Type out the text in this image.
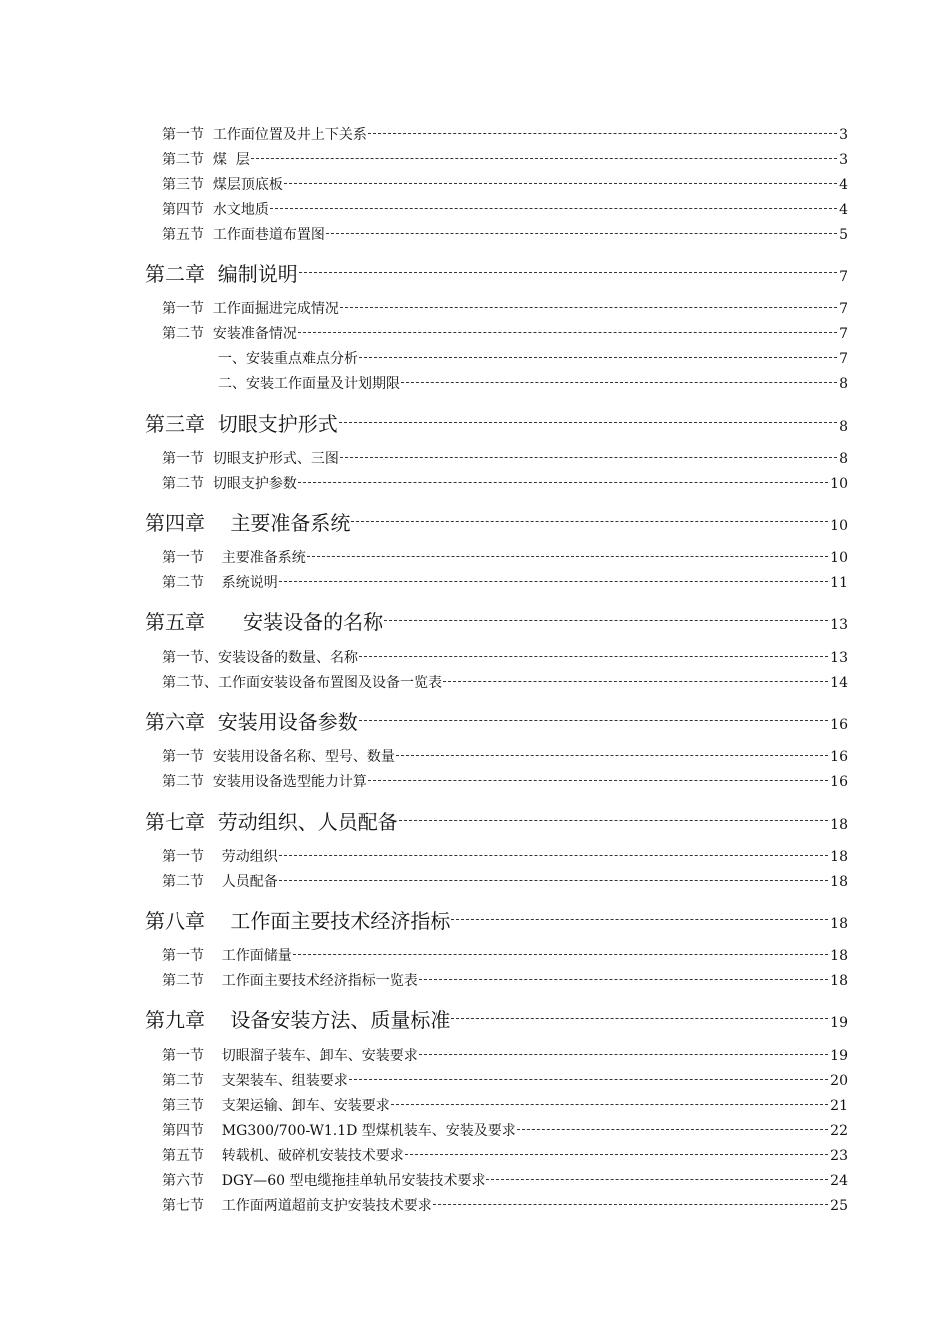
第一节  工作面位置及井上下关系	3
第二节  煤  层	3
第三节  煤层顶底板	4
第四节  水文地质	4
第五节  工作面巷道布置图	5
第二章  编制说明	7
第一节  工作面掘进完成情况	7
第二节  安装准备情况	7
一、安装重点难点分析	7
二、安装工作面量及计划期限	8
第三章  切眼支护形式	8
第一节  切眼支护形式、三图	8
第二节  切眼支护参数	10
第四章    主要准备系统	10
第一节    主要准备系统	10
第二节    系统说明	11
第五章      安装设备的名称	13
第一节、安装设备的数量、名称	13
第二节、工作面安装设备布置图及设备一览表	14
第六章  安装用设备参数	16
第一节  安装用设备名称、型号、数量	16
第二节  安装用设备选型能力计算	16
第七章  劳动组织、人员配备	18
第一节    劳动组织	18
第二节    人员配备	18
第八章    工作面主要技术经济指标	18
第一节    工作面储量	18
第二节    工作面主要技术经济指标一览表	18
第九章    设备安装方法、质量标准	19
第一节    切眼溜子装车、卸车、安装要求	19
第二节    支架装车、组装要求	20
第三节    支架运输、卸车、安装要求	21
第四节    MG300/700-W1.1D 型煤机装车、安装及要求	22
第五节    转载机、破碎机安装技术要求	23
第六节    DGY—60 型电缆拖挂单轨吊安装技术要求	24
第七节    工作面两道超前支护安装技术要求	25
